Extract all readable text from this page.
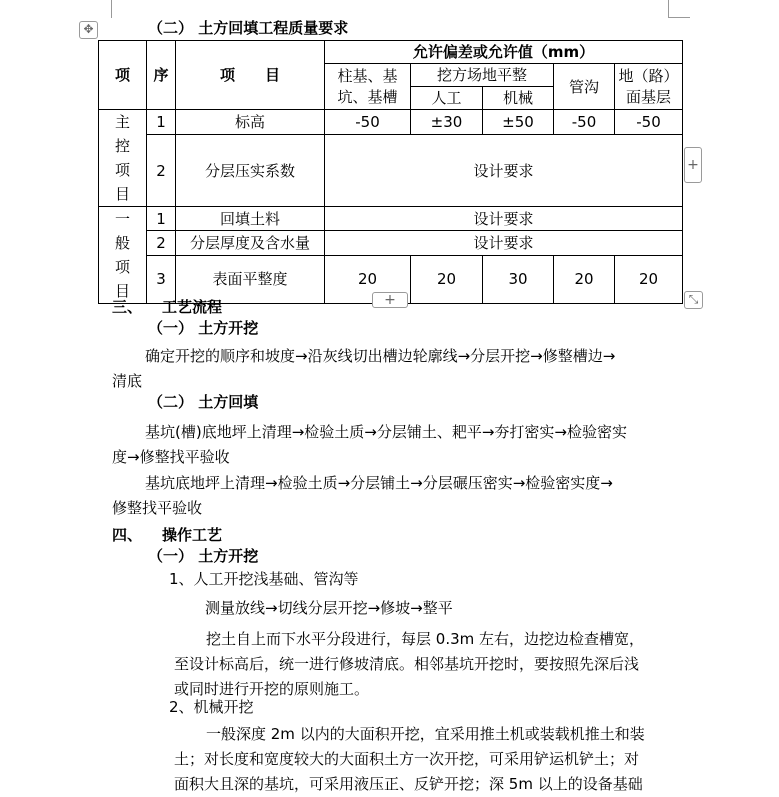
✥	（二） 土方回填工程质量要求
项	序	项　　目	允许偏差或允许值（mm）				
			柱基、基坑、基槽	挖方场地平整		管沟	地（路）面基层
				人工	机械		
主控项目	1	标高	-50	±30	±50	-50	-50
	2	分层压实系数	设计要求				
一般项目	1	回填土料	设计要求				
	2	分层厚度及含水量	设计要求				
	3	表面平整度	20	20	30	20	20
+
+	⤡
三、 工艺流程
（一） 土方开挖
确定开挖的顺序和坡度→沿灰线切出槽边轮廓线→分层开挖→修整槽边→
清底
（二） 土方回填
基坑(槽)底地坪上清理→检验土质→分层铺土、耙平→夯打密实→检验密实
度→修整找平验收
基坑底地坪上清理→检验土质→分层铺土→分层碾压密实→检验密实度→
修整找平验收
四、 操作工艺
（一） 土方开挖
1、人工开挖浅基础、管沟等
测量放线→切线分层开挖→修坡→整平
挖土自上而下水平分段进行，每层 0.3m 左右，边挖边检查槽宽，
至设计标高后，统一进行修坡清底。相邻基坑开挖时，要按照先深后浅
或同时进行开挖的原则施工。
2、机械开挖
一般深度 2m 以内的大面积开挖，宜采用推土机或装载机推土和装
土；对长度和宽度较大的大面积土方一次开挖，可采用铲运机铲土；对
面积大且深的基坑，可采用液压正、反铲开挖；深 5m 以上的设备基础
